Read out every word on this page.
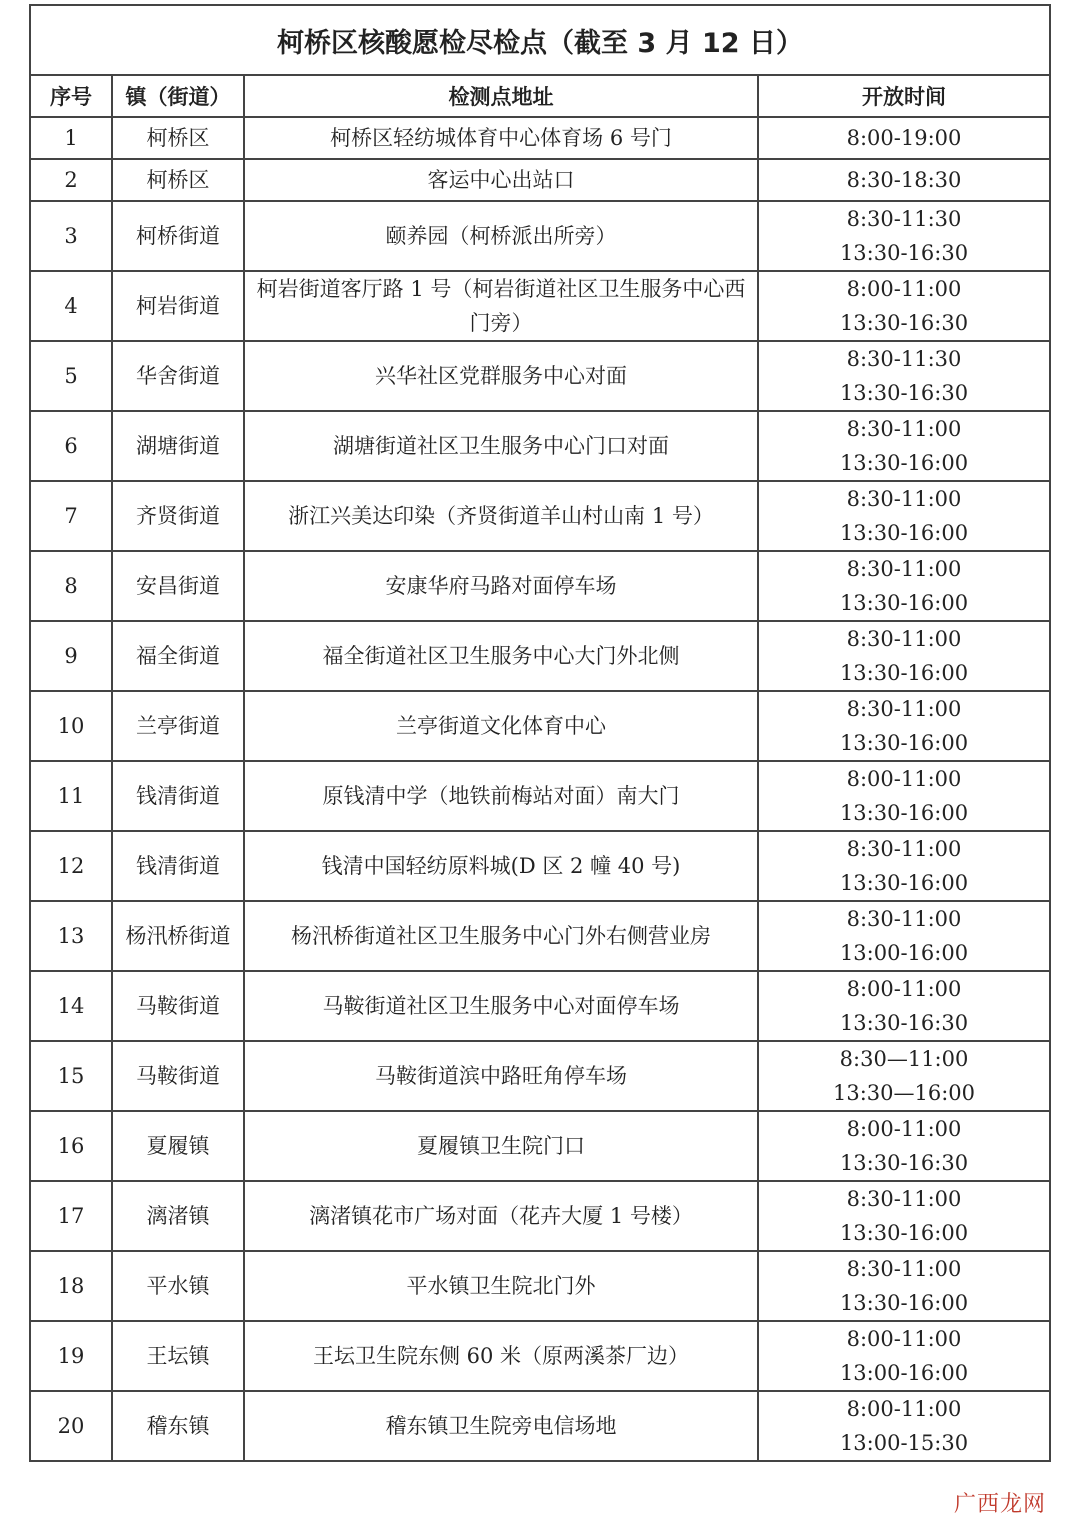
柯桥区核酸愿检尽检点（截至 3 月 12 日）			
序号	镇（街道）	检测点地址	开放时间
1	柯桥区	柯桥区轻纺城体育中心体育场 6 号门	8:00-19:00

2	柯桥区	客运中心出站口	8:30-18:30

3	柯桥街道	颐养园（柯桥派出所旁）	8:30-11:30
13:30-16:30

4	柯岩街道	柯岩街道客厅路 1 号（柯岩街道社区卫生服务中心西门旁）	8:00-11:00
13:30-16:30

5	华舍街道	兴华社区党群服务中心对面	8:30-11:30
13:30-16:30

6	湖塘街道	湖塘街道社区卫生服务中心门口对面	8:30-11:00
13:30-16:00

7	齐贤街道	浙江兴美达印染（齐贤街道羊山村山南 1 号）	8:30-11:00
13:30-16:00

8	安昌街道	安康华府马路对面停车场	8:30-11:00
13:30-16:00

9	福全街道	福全街道社区卫生服务中心大门外北侧	8:30-11:00
13:30-16:00

10	兰亭街道	兰亭街道文化体育中心	8:30-11:00
13:30-16:00

11	钱清街道	原钱清中学（地铁前梅站对面）南大门	8:00-11:00
13:30-16:00

12	钱清街道	钱清中国轻纺原料城(D 区 2 幢 40 号)	8:30-11:00
13:30-16:00

13	杨汛桥街道	杨汛桥街道社区卫生服务中心门外右侧营业房	8:30-11:00
13:00-16:00

14	马鞍街道	马鞍街道社区卫生服务中心对面停车场	8:00-11:00
13:30-16:30

15	马鞍街道	马鞍街道滨中路旺角停车场	8:30—11:00
13:30—16:00

16	夏履镇	夏履镇卫生院门口	8:00-11:00
13:30-16:30

17	漓渚镇	漓渚镇花市广场对面（花卉大厦 1 号楼）	8:30-11:00
13:30-16:00

18	平水镇	平水镇卫生院北门外	8:30-11:00
13:30-16:00

19	王坛镇	王坛卫生院东侧 60 米（原两溪茶厂边）	8:00-11:00
13:00-16:00

20	稽东镇	稽东镇卫生院旁电信场地	8:00-11:00
13:00-15:30
广西龙网
